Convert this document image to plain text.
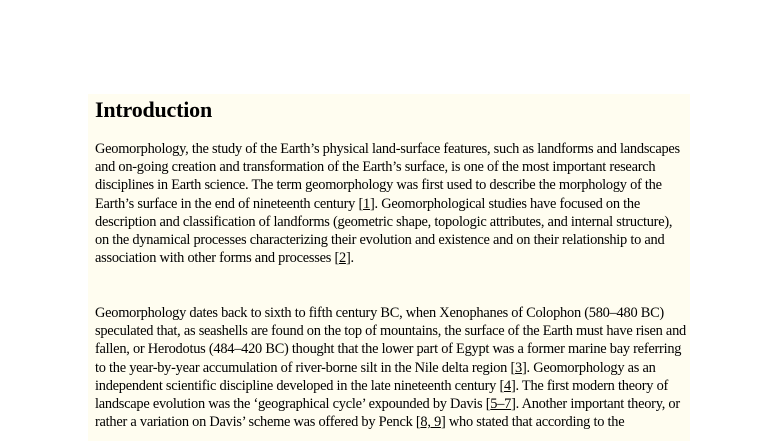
Introduction

Geomorphology, the study of the Earth’s physical land-surface features, such as landforms and landscapes and on-going creation and transformation of the Earth’s surface, is one of the most important research disciplines in Earth science. The term geomorphology was first used to describe the morphology of the Earth’s surface in the end of nineteenth century [1]. Geomorphological studies have focused on the description and classification of landforms (geometric shape, topologic attributes, and internal structure), on the dynamical processes characterizing their evolution and existence and on their relationship to and association with other forms and processes [2].

Geomorphology dates back to sixth to fifth century BC, when Xenophanes of Colophon (580–480 BC) speculated that, as seashells are found on the top of mountains, the surface of the Earth must have risen and fallen, or Herodotus (484–420 BC) thought that the lower part of Egypt was a former marine bay referring to the year-by-year accumulation of river-borne silt in the Nile delta region [3]. Geomorphology as an independent scientific discipline developed in the late nineteenth century [4]. The first modern theory of landscape evolution was the ‘geographical cycle’ expounded by Davis [5–7]. Another important theory, or rather a variation on Davis’ scheme was offered by Penck [8, 9] who stated that according to the
